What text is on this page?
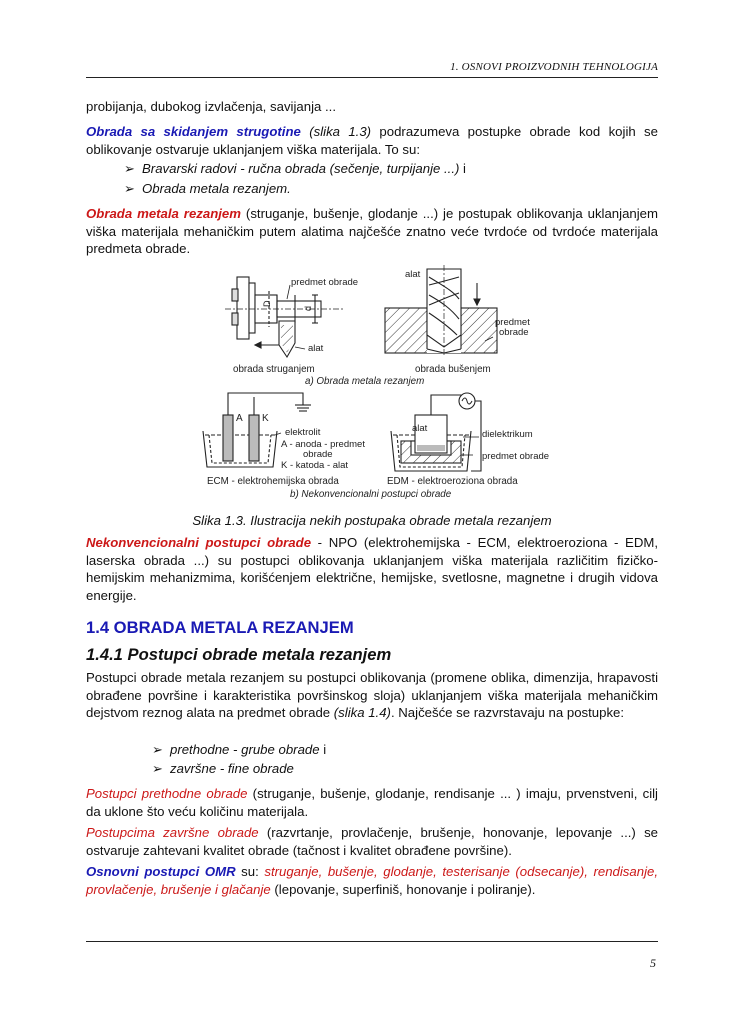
1. OSNOVI PROIZVODNIH TEHNOLOGIJA
probijanja, dubokog izvlačenja, savijanja ...
Obrada sa skidanjem strugotine (slika 1.3) podrazumeva postupke obrade kod kojih se oblikovanje ostvaruje uklanjanjem viška materijala. To su:
➢ Bravarski radovi - ručna obrada (sečenje, turpijanje ...) i
➢ Obrada metala rezanjem.
Obrada metala rezanjem (struganje, bušenje, glodanje ...) je postupak oblikovanja uklanjanjem viška materijala mehaničkim putem alatima najčešće znatno veće tvrdoće od tvrdoće materijala predmeta obrade.
predmet obrade
D
d
alat
alat
predmet
obrade
obrada struganjem	obrada bušenjem
a) Obrada metala rezanjem
A K
elektrolit
A - anoda - predmet
obrade
K - katoda - alat
alat
dielektrikum
predmet obrade
ECM - elektrohemijska obrada	EDM - elektroeroziona obrada
b) Nekonvencionalni postupci obrade
Slika 1.3. Ilustracija nekih postupaka obrade metala rezanjem
Nekonvencionalni postupci obrade - NPO (elektrohemijska - ECM, elektroeroziona - EDM, laserska obrada ...) su postupci oblikovanja uklanjanjem viška materijala različitim fizičko-hemijskim mehanizmima, korišćenjem električne, hemijske, svetlosne, magnetne i drugih vidova energije.
1.4 OBRADA METALA REZANJEM
1.4.1 Postupci obrade metala rezanjem
Postupci obrade metala rezanjem su postupci oblikovanja (promene oblika, dimenzija, hrapavosti obrađene površine i karakteristika površinskog sloja) uklanjanjem viška materijala mehaničkim dejstvom reznog alata na predmet obrade (slika 1.4). Najčešće se razvrstavaju na postupke:
➢ prethodne - grube obrade i
➢ završne - fine obrade
Postupci prethodne obrade (struganje, bušenje, glodanje, rendisanje ... ) imaju, prvenstveni, cilj da uklone što veću količinu materijala.
Postupcima završne obrade (razvrtanje, provlačenje, brušenje, honovanje, lepovanje ...) se ostvaruje zahtevani kvalitet obrade (tačnost i kvalitet obrađene površine).
Osnovni postupci OMR su: struganje, bušenje, glodanje, testerisanje (odsecanje), rendisanje, provlačenje, brušenje i glačanje (lepovanje, superfiniš, honovanje i poliranje).
5
